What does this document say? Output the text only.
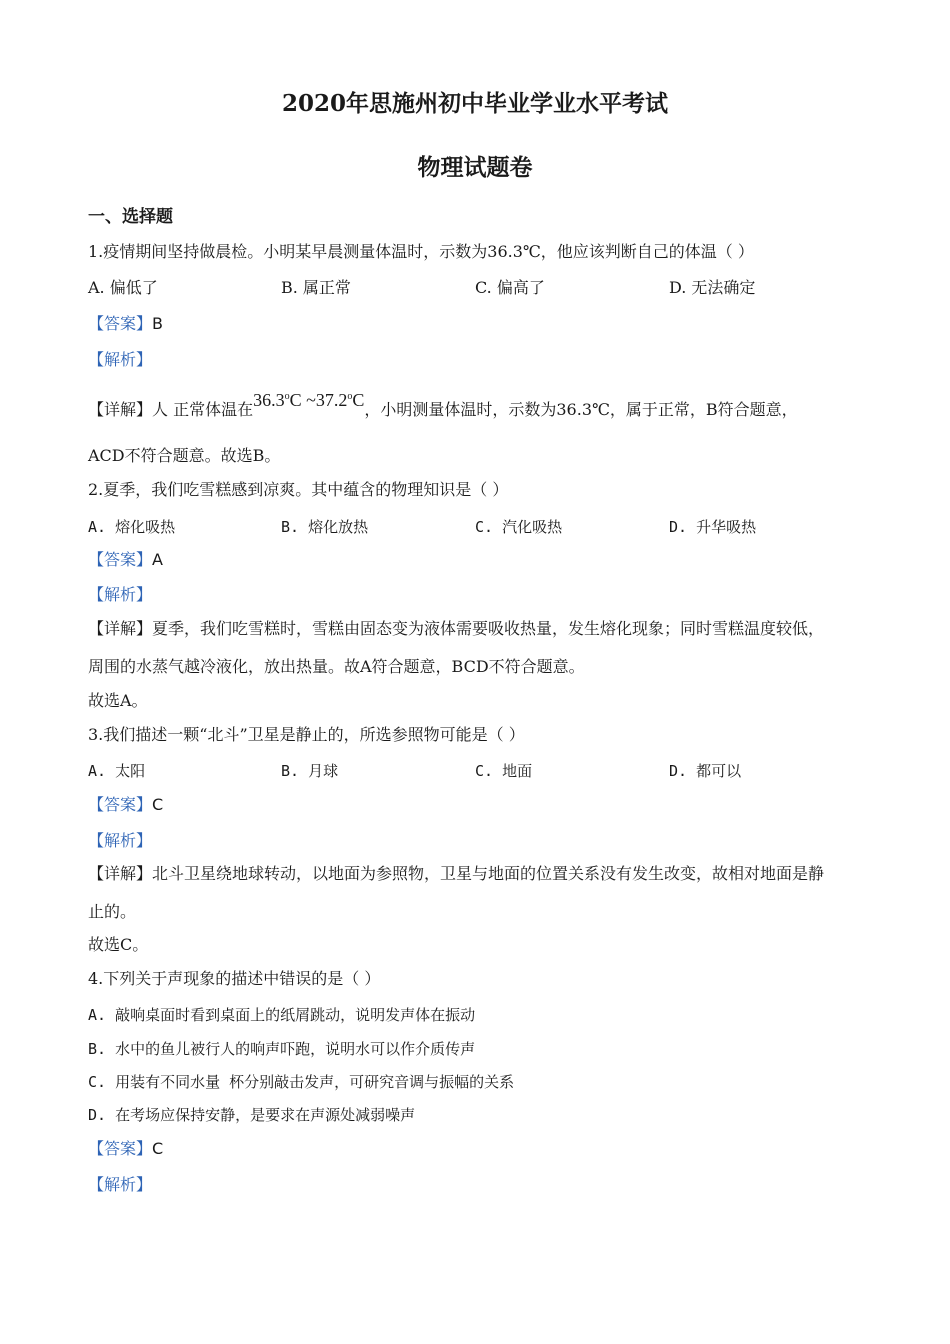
2020年思施州初中毕业学业水平考试
物理试题卷
一、选择题
1.疫情期间坚持做晨检。小明某早晨测量体温时，示数为36.3℃，他应该判断自己的体温（ ）
A. 偏低了	B. 属正常	C. 偏高了	D. 无法确定
【答案】B
【解析】
【详解】人 正常体温在36.3$^o$C ~37.2$^o$C，小明测量体温时，示数为36.3℃，属于正常，B符合题意，
ACD不符合题意。故选B。
2.夏季，我们吃雪糕感到凉爽。其中蕴含的物理知识是（ ）
A. 熔化吸热	B. 熔化放热	C. 汽化吸热	D. 升华吸热
【答案】A
【解析】
【详解】夏季，我们吃雪糕时，雪糕由固态变为液体需要吸收热量，发生熔化现象；同时雪糕温度较低，
周围的水蒸气越冷液化，放出热量。故A符合题意，BCD不符合题意。
故选A。
3.我们描述一颗“北斗”卫星是静止的，所选参照物可能是（ ）
A. 太阳	B. 月球	C. 地面	D. 都可以
【答案】C
【解析】
【详解】北斗卫星绕地球转动，以地面为参照物，卫星与地面的位置关系没有发生改变，故相对地面是静
止的。
故选C。
4.下列关于声现象的描述中错误的是（ ）
A. 敲响桌面时看到桌面上的纸屑跳动，说明发声体在振动
B. 水中的鱼儿被行人的响声吓跑，说明水可以作介质传声
C. 用装有不同水量 杯分别敲击发声，可研究音调与振幅的关系
D. 在考场应保持安静，是要求在声源处减弱噪声
【答案】C
【解析】
